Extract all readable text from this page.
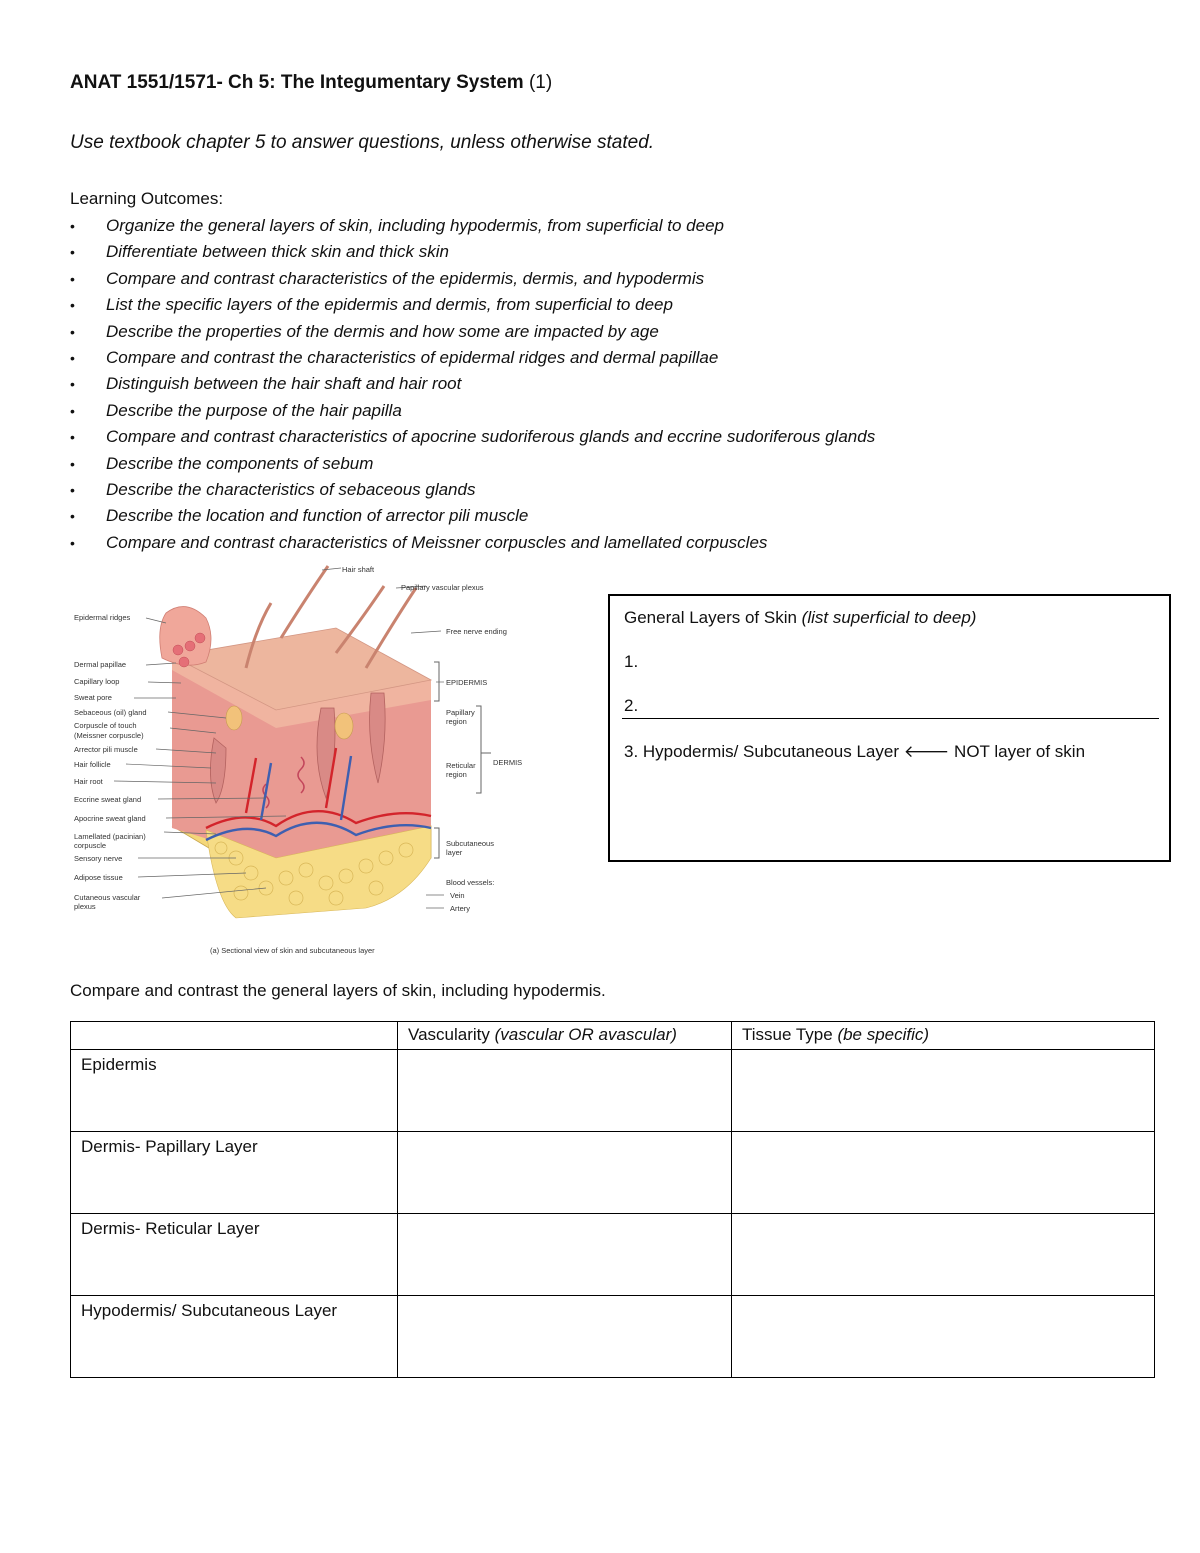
ANAT 1551/1571- Ch 5: The Integumentary System (1)
Use textbook chapter 5 to answer questions, unless otherwise stated.
Learning Outcomes:
• Organize the general layers of skin, including hypodermis, from superficial to deep
• Differentiate between thick skin and thick skin
• Compare and contrast characteristics of the epidermis, dermis, and hypodermis
• List the specific layers of the epidermis and dermis, from superficial to deep
• Describe the properties of the dermis and how some are impacted by age
• Compare and contrast the characteristics of epidermal ridges and dermal papillae
• Distinguish between the hair shaft and hair root
• Describe the purpose of the hair papilla
• Compare and contrast characteristics of apocrine sudoriferous glands and eccrine sudoriferous glands
• Describe the components of sebum
• Describe the characteristics of sebaceous glands
• Describe the location and function of arrector pili muscle
• Compare and contrast characteristics of Meissner corpuscles and lamellated corpuscles
Epidermal ridges
Dermal papillae
Capillary loop
Sweat pore
Sebaceous (oil) gland
Corpuscle of touch
(Meissner corpuscle)
Arrector pili muscle
Hair follicle
Hair root
Eccrine sweat gland
Apocrine sweat gland
Lamellated (pacinian)
corpuscle
Sensory nerve
Adipose tissue
Cutaneous vascular
plexus
Hair shaft
Papillary vascular plexus
Free nerve ending
EPIDERMIS
Papillary
region
Reticular
region
DERMIS
Subcutaneous
layer
Blood vessels:
Vein
Artery
(a) Sectional view of skin and subcutaneous layer
General Layers of Skin (list superficial to deep)
1.
2.
3. Hypodermis/ Subcutaneous Layer 🡐 NOT layer of skin
Compare and contrast the general layers of skin, including hypodermis.
	Vascularity (vascular OR avascular)	Tissue Type (be specific)
Epidermis		
Dermis- Papillary Layer		
Dermis- Reticular Layer		
Hypodermis/ Subcutaneous Layer		
